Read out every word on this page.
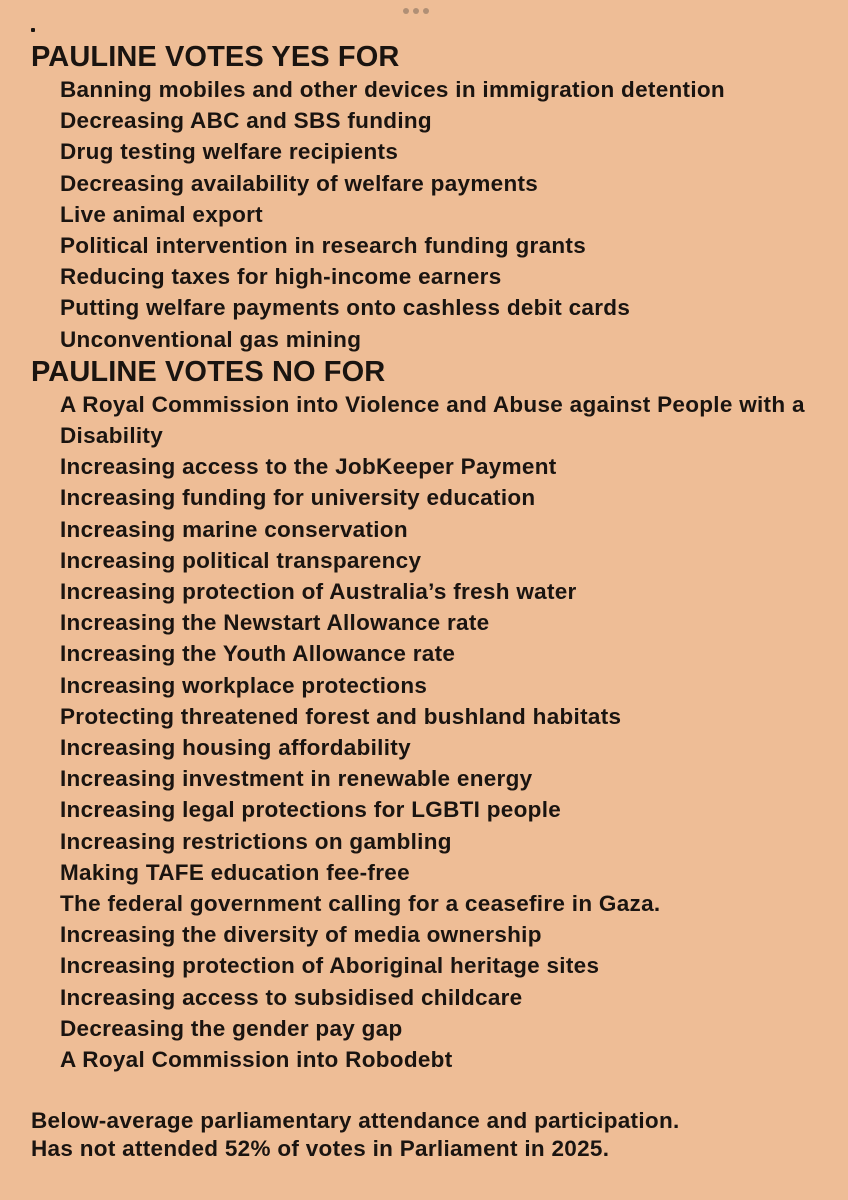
PAULINE VOTES YES FOR
Banning mobiles and other devices in immigration detention
Decreasing ABC and SBS funding
Drug testing welfare recipients
Decreasing availability of welfare payments
Live animal export
Political intervention in research funding grants
Reducing taxes for high-income earners
Putting welfare payments onto cashless debit cards
Unconventional gas mining
PAULINE VOTES NO FOR
A Royal Commission into Violence and Abuse against People with a Disability
Increasing access to the JobKeeper Payment
Increasing funding for university education
Increasing marine conservation
Increasing political transparency
Increasing protection of Australia’s fresh water
Increasing the Newstart Allowance rate
Increasing the Youth Allowance rate
Increasing workplace protections
Protecting threatened forest and bushland habitats
Increasing housing affordability
Increasing investment in renewable energy
Increasing legal protections for LGBTI people
Increasing restrictions on gambling
Making TAFE education fee-free
The federal government calling for a ceasefire in Gaza.
Increasing the diversity of media ownership
Increasing protection of Aboriginal heritage sites
Increasing access to subsidised childcare
Decreasing the gender pay gap
A Royal Commission into Robodebt

Below-average parliamentary attendance and participation.

Has not attended 52% of votes in Parliament in 2025.
